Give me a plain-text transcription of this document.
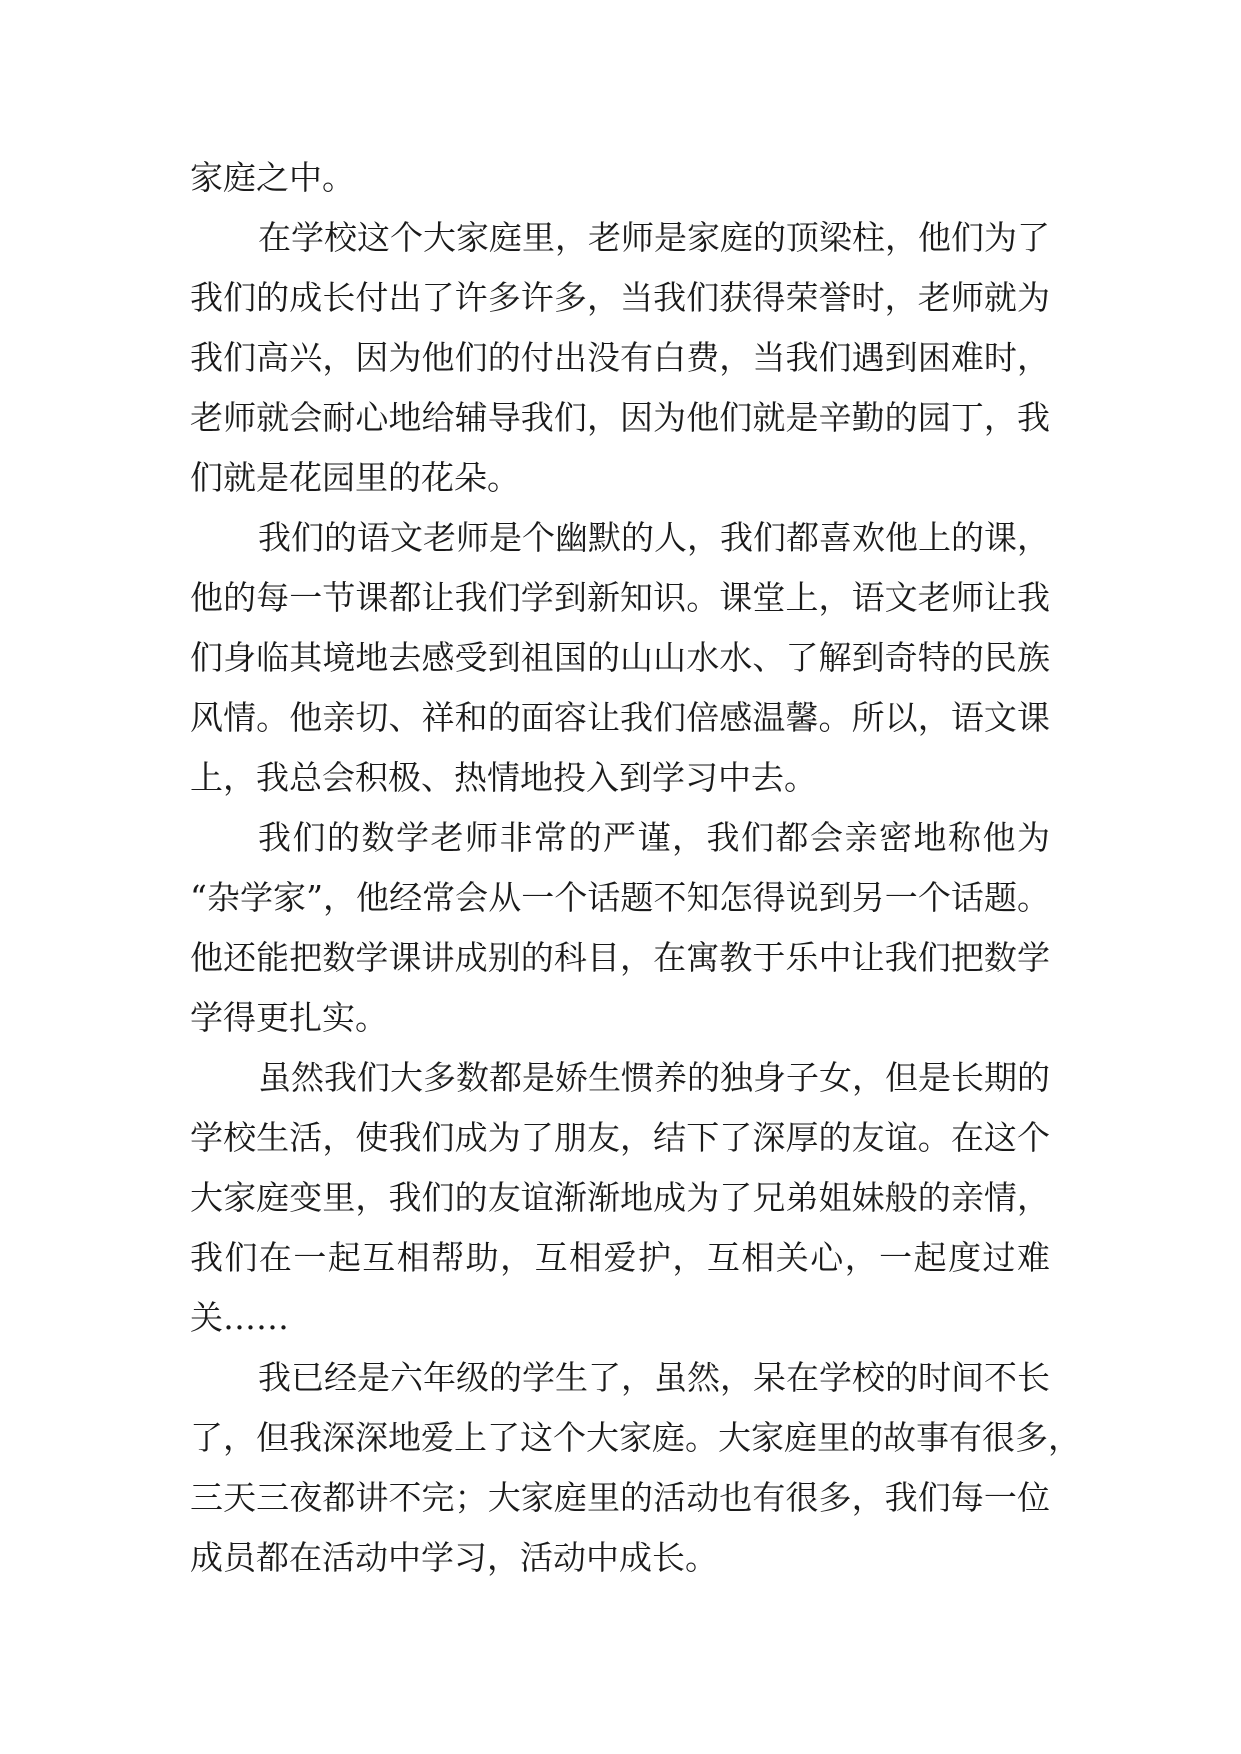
家庭之中。
在学校这个大家庭里，老师是家庭的顶梁柱，他们为了
我们的成长付出了许多许多，当我们获得荣誉时，老师就为
我们高兴，因为他们的付出没有白费，当我们遇到困难时，
老师就会耐心地给辅导我们，因为他们就是辛勤的园丁，我
们就是花园里的花朵。
我们的语文老师是个幽默的人，我们都喜欢他上的课，
他的每一节课都让我们学到新知识。课堂上，语文老师让我
们身临其境地去感受到祖国的山山水水、了解到奇特的民族
风情。他亲切、祥和的面容让我们倍感温馨。所以，语文课
上，我总会积极、热情地投入到学习中去。
我们的数学老师非常的严谨，我们都会亲密地称他为
“杂学家”，他经常会从一个话题不知怎得说到另一个话题。
他还能把数学课讲成别的科目，在寓教于乐中让我们把数学
学得更扎实。
虽然我们大多数都是娇生惯养的独身子女，但是长期的
学校生活，使我们成为了朋友，结下了深厚的友谊。在这个
大家庭变里，我们的友谊渐渐地成为了兄弟姐妹般的亲情，
我们在一起互相帮助，互相爱护，互相关心，一起度过难
关……
我已经是六年级的学生了，虽然，呆在学校的时间不长
了，但我深深地爱上了这个大家庭。大家庭里的故事有很多，
三天三夜都讲不完；大家庭里的活动也有很多，我们每一位
成员都在活动中学习，活动中成长。
